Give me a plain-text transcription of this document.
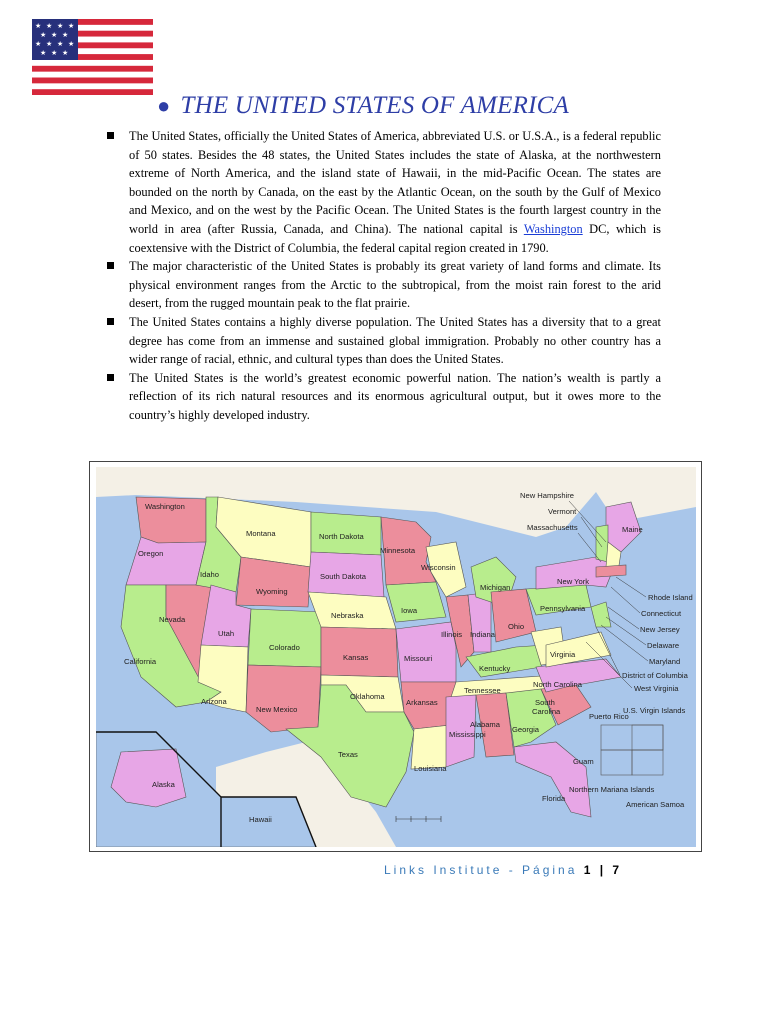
★ ★ ★ ★
★ ★ ★
★ ★ ★ ★
★ ★ ★
● THE UNITED STATES OF AMERICA
The United States, officially the United States of America, abbreviated U.S. or U.S.A., is a federal republic of 50 states. Besides the 48 states, the United States includes the state of Alaska, at the northwestern extreme of North America, and the island state of Hawaii, in the mid-Pacific Ocean. The states are bounded on the north by Canada, on the east by the Atlantic Ocean, on the south by the Gulf of Mexico and Mexico, and on the west by the Pacific Ocean. The United States is the fourth largest country in the world in area (after Russia, Canada, and China). The national capital is Washington DC, which is coextensive with the District of Columbia, the federal capital region created in 1790.
The major characteristic of the United States is probably its great variety of land forms and climate. Its physical environment ranges from the Arctic to the subtropical, from the moist rain forest to the arid desert, from the rugged mountain peak to the flat prairie.
The United States contains a highly diverse population. The United States has a diversity that to a great degree has come from an immense and sustained global immigration. Probably no other country has a wider range of racial, ethnic, and cultural types than does the United States.
The United States is the world’s greatest economic powerful nation. The nation’s wealth is partly a reflection of its rich natural resources and its enormous agricultural output, but it owes more to the country’s highly developed industry.
Washington
Oregon
California
Nevada
Idaho
Montana
Wyoming
Utah
Arizona
Colorado
New Mexico
North Dakota
South Dakota
Nebraska
Kansas
Oklahoma
Texas
Minnesota
Iowa
Missouri
Arkansas
Louisiana
Wisconsin
Illinois
Michigan
Indiana
Ohio
Kentucky
Tennessee
Mississippi
Alabama
Georgia
Florida
South
Carolina
North Carolina
Virginia
West Virginia
Pennsylvania
New York
Maine
New Hampshire
Vermont
Massachusetts
Rhode Island
Connecticut
New Jersey
Delaware
Maryland
District of Columbia
Alaska
Hawaii
Puerto Rico
U.S. Virgin Islands
Guam
Northern Mariana Islands
American Samoa
Links Institute - Página 1 | 7
